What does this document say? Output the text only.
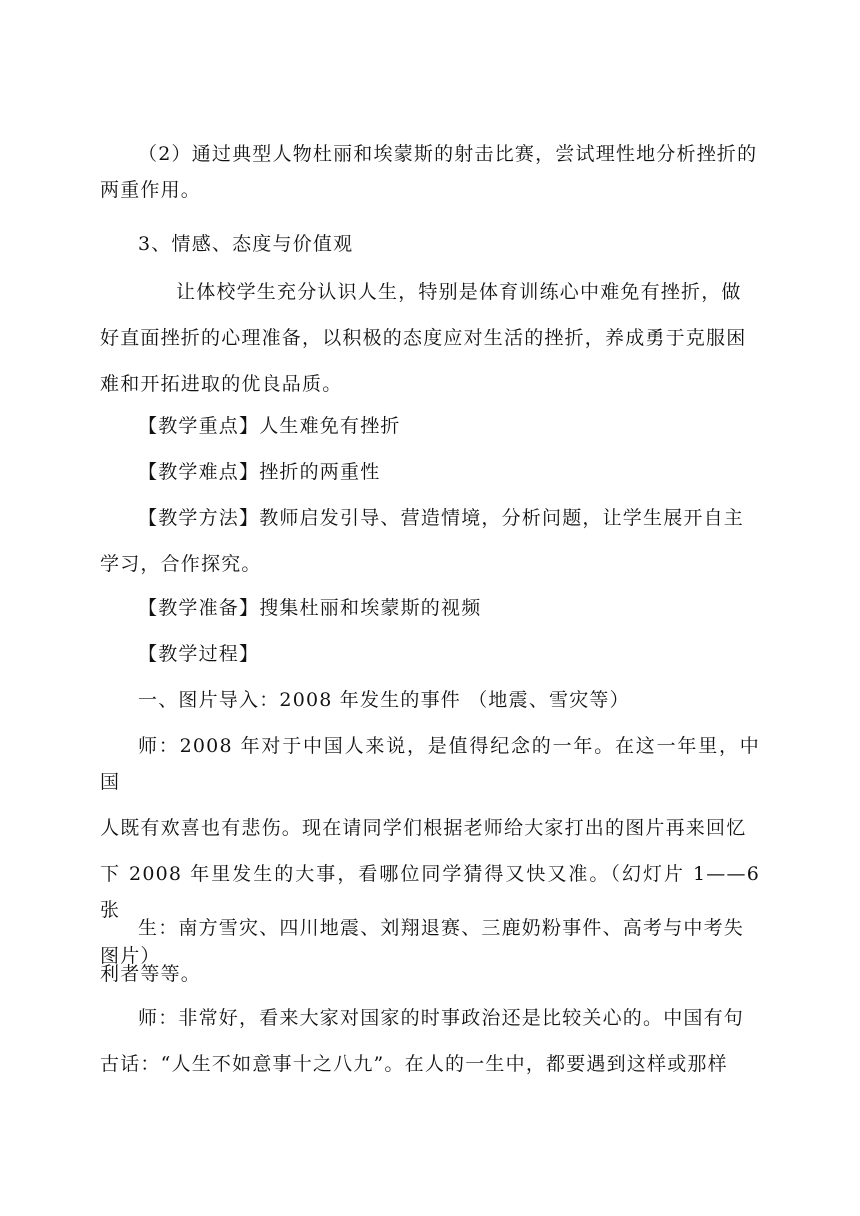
（2）通过典型人物杜丽和埃蒙斯的射击比赛，尝试理性地分析挫折的
两重作用。

3、情感、态度与价值观

让体校学生充分认识人生，特别是体育训练心中难免有挫折，做
好直面挫折的心理准备，以积极的态度应对生活的挫折，养成勇于克服困
难和开拓进取的优良品质。

【教学重点】人生难免有挫折

【教学难点】挫折的两重性

【教学方法】教师启发引导、营造情境，分析问题，让学生展开自主
学习，合作探究。

【教学准备】搜集杜丽和埃蒙斯的视频

【教学过程】

一、图片导入：2008 年发生的事件 （地震、雪灾等）

师：2008 年对于中国人来说，是值得纪念的一年。在这一年里，中国
人既有欢喜也有悲伤。现在请同学们根据老师给大家打出的图片再来回忆
下 2008 年里发生的大事，看哪位同学猜得又快又准。（幻灯片 1——6 张
图片）

生：南方雪灾、四川地震、刘翔退赛、三鹿奶粉事件、高考与中考失
利者等等。

师：非常好，看来大家对国家的时事政治还是比较关心的。中国有句
古话：“人生不如意事十之八九”。在人的一生中，都要遇到这样或那样
